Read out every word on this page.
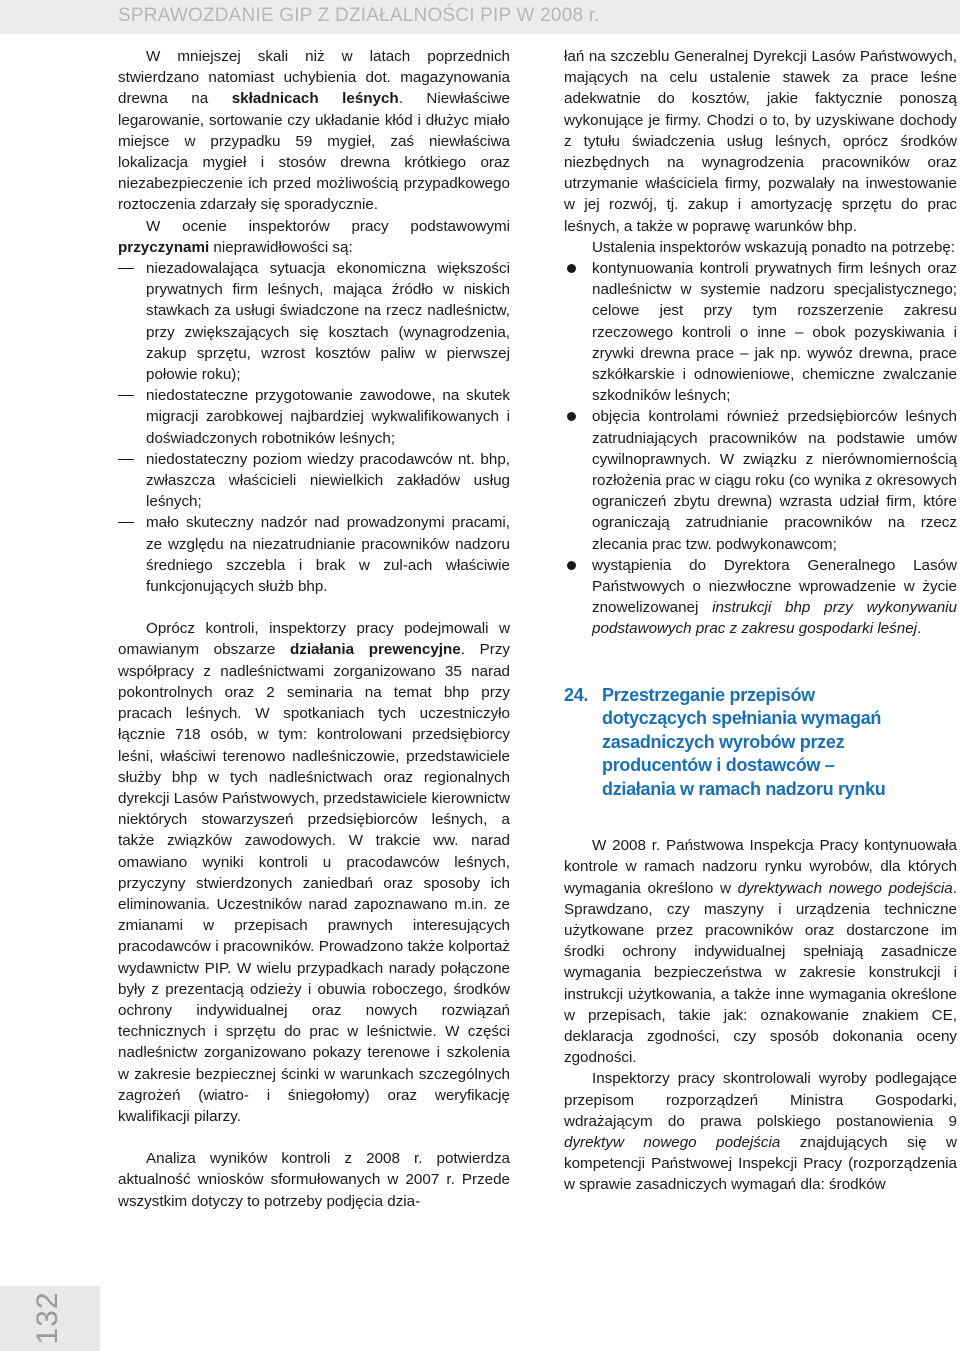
SPRAWOZDANIE GIP Z DZIAŁALNOŚCI PIP W 2008 r.

W mniejszej skali niż w latach poprzednich stwierdzano natomiast uchybienia dot. magazynowania drewna na składnicach leśnych. Niewłaściwe legarowanie, sortowanie czy układanie kłód i dłużyc miało miejsce w przypadku 59 mygieł, zaś niewłaściwa lokalizacja mygieł i stosów drewna krótkiego oraz niezabezpieczenie ich przed możliwością przypadkowego roztoczenia zdarzały się sporadycznie.

W ocenie inspektorów pracy podstawowymi przyczynami nieprawidłowości są:

niezadowalająca sytuacja ekonomiczna większości prywatnych firm leśnych, mająca źródło w niskich stawkach za usługi świadczone na rzecz nadleśnictw, przy zwiększających się kosztach (wynagrodzenia, zakup sprzętu, wzrost kosztów paliw w pierwszej połowie roku);
niedostateczne przygotowanie zawodowe, na skutek migracji zarobkowej najbardziej wykwalifikowanych i doświadczonych robotników leśnych;
niedostateczny poziom wiedzy pracodawców nt. bhp, zwłaszcza właścicieli niewielkich zakładów usług leśnych;
mało skuteczny nadzór nad prowadzonymi pracami, ze względu na niezatrudnianie pracowników nadzoru średniego szczebla i brak w zul-ach właściwie funkcjonujących służb bhp.

Oprócz kontroli, inspektorzy pracy podejmowali w omawianym obszarze działania prewencyjne. Przy współpracy z nadleśnictwami zorganizowano 35 narad pokontrolnych oraz 2 seminaria na temat bhp przy pracach leśnych. W spotkaniach tych uczestniczyło łącznie 718 osób, w tym: kontrolowani przedsiębiorcy leśni, właściwi terenowo nadleśniczowie, przedstawiciele służby bhp w tych nadleśnictwach oraz regionalnych dyrekcji Lasów Państwowych, przedstawiciele kierownictw niektórych stowarzyszeń przedsiębiorców leśnych, a także związków zawodowych. W trakcie ww. narad omawiano wyniki kontroli u pracodawców leśnych, przyczyny stwierdzonych zaniedbań oraz sposoby ich eliminowania. Uczestników narad zapoznawano m.in. ze zmianami w przepisach prawnych interesujących pracodawców i pracowników. Prowadzono także kolportaż wydawnictw PIP. W wielu przypadkach narady połączone były z prezentacją odzieży i obuwia roboczego, środków ochrony indywidualnej oraz nowych rozwiązań technicznych i sprzętu do prac w leśnictwie. W części nadleśnictw zorganizowano pokazy terenowe i szkolenia w zakresie bezpiecznej ścinki w warunkach szczególnych zagrożeń (wiatro- i śniegołomy) oraz weryfikację kwalifikacji pilarzy.

Analiza wyników kontroli z 2008 r. potwierdza aktualność wniosków sformułowanych w 2007 r. Przede wszystkim dotyczy to potrzeby podjęcia dzia-

łań na szczeblu Generalnej Dyrekcji Lasów Państwowych, mających na celu ustalenie stawek za prace leśne adekwatnie do kosztów, jakie faktycznie ponoszą wykonujące je firmy. Chodzi o to, by uzyskiwane dochody z tytułu świadczenia usług leśnych, oprócz środków niezbędnych na wynagrodzenia pracowników oraz utrzymanie właściciela firmy, pozwalały na inwestowanie w jej rozwój, tj. zakup i amortyzację sprzętu do prac leśnych, a także w poprawę warunków bhp.

Ustalenia inspektorów wskazują ponadto na potrzebę:

kontynuowania kontroli prywatnych firm leśnych oraz nadleśnictw w systemie nadzoru specjalistycznego; celowe jest przy tym rozszerzenie zakresu rzeczowego kontroli o inne – obok pozyskiwania i zrywki drewna prace – jak np. wywóz drewna, prace szkółkarskie i odnowieniowe, chemiczne zwalczanie szkodników leśnych;
objęcia kontrolami również przedsiębiorców leśnych zatrudniających pracowników na podstawie umów cywilnoprawnych. W związku z nierównomiernością rozłożenia prac w ciągu roku (co wynika z okresowych ograniczeń zbytu drewna) wzrasta udział firm, które ograniczają zatrudnianie pracowników na rzecz zlecania prac tzw. podwykonawcom;
wystąpienia do Dyrektora Generalnego Lasów Państwowych o niezwłoczne wprowadzenie w życie znowelizowanej instrukcji bhp przy wykonywaniu podstawowych prac z zakresu gospodarki leśnej.
24. Przestrzeganie przepisów
dotyczących spełniania wymagań
zasadniczych wyrobów przez
producentów i dostawców –
działania w ramach nadzoru rynku

W 2008 r. Państwowa Inspekcja Pracy kontynuowała kontrole w ramach nadzoru rynku wyrobów, dla których wymagania określono w dyrektywach nowego podejścia. Sprawdzano, czy maszyny i urządzenia techniczne użytkowane przez pracowników oraz dostarczone im środki ochrony indywidualnej spełniają zasadnicze wymagania bezpieczeństwa w zakresie konstrukcji i instrukcji użytkowania, a także inne wymagania określone w przepisach, takie jak: oznakowanie znakiem CE, deklaracja zgodności, czy sposób dokonania oceny zgodności.

Inspektorzy pracy skontrolowali wyroby podlegające przepisom rozporządzeń Ministra Gospodarki, wdrażającym do prawa polskiego postanowienia 9 dyrektyw nowego podejścia znajdujących się w kompetencji Państwowej Inspekcji Pracy (rozporządzenia w sprawie zasadniczych wymagań dla: środków

132
